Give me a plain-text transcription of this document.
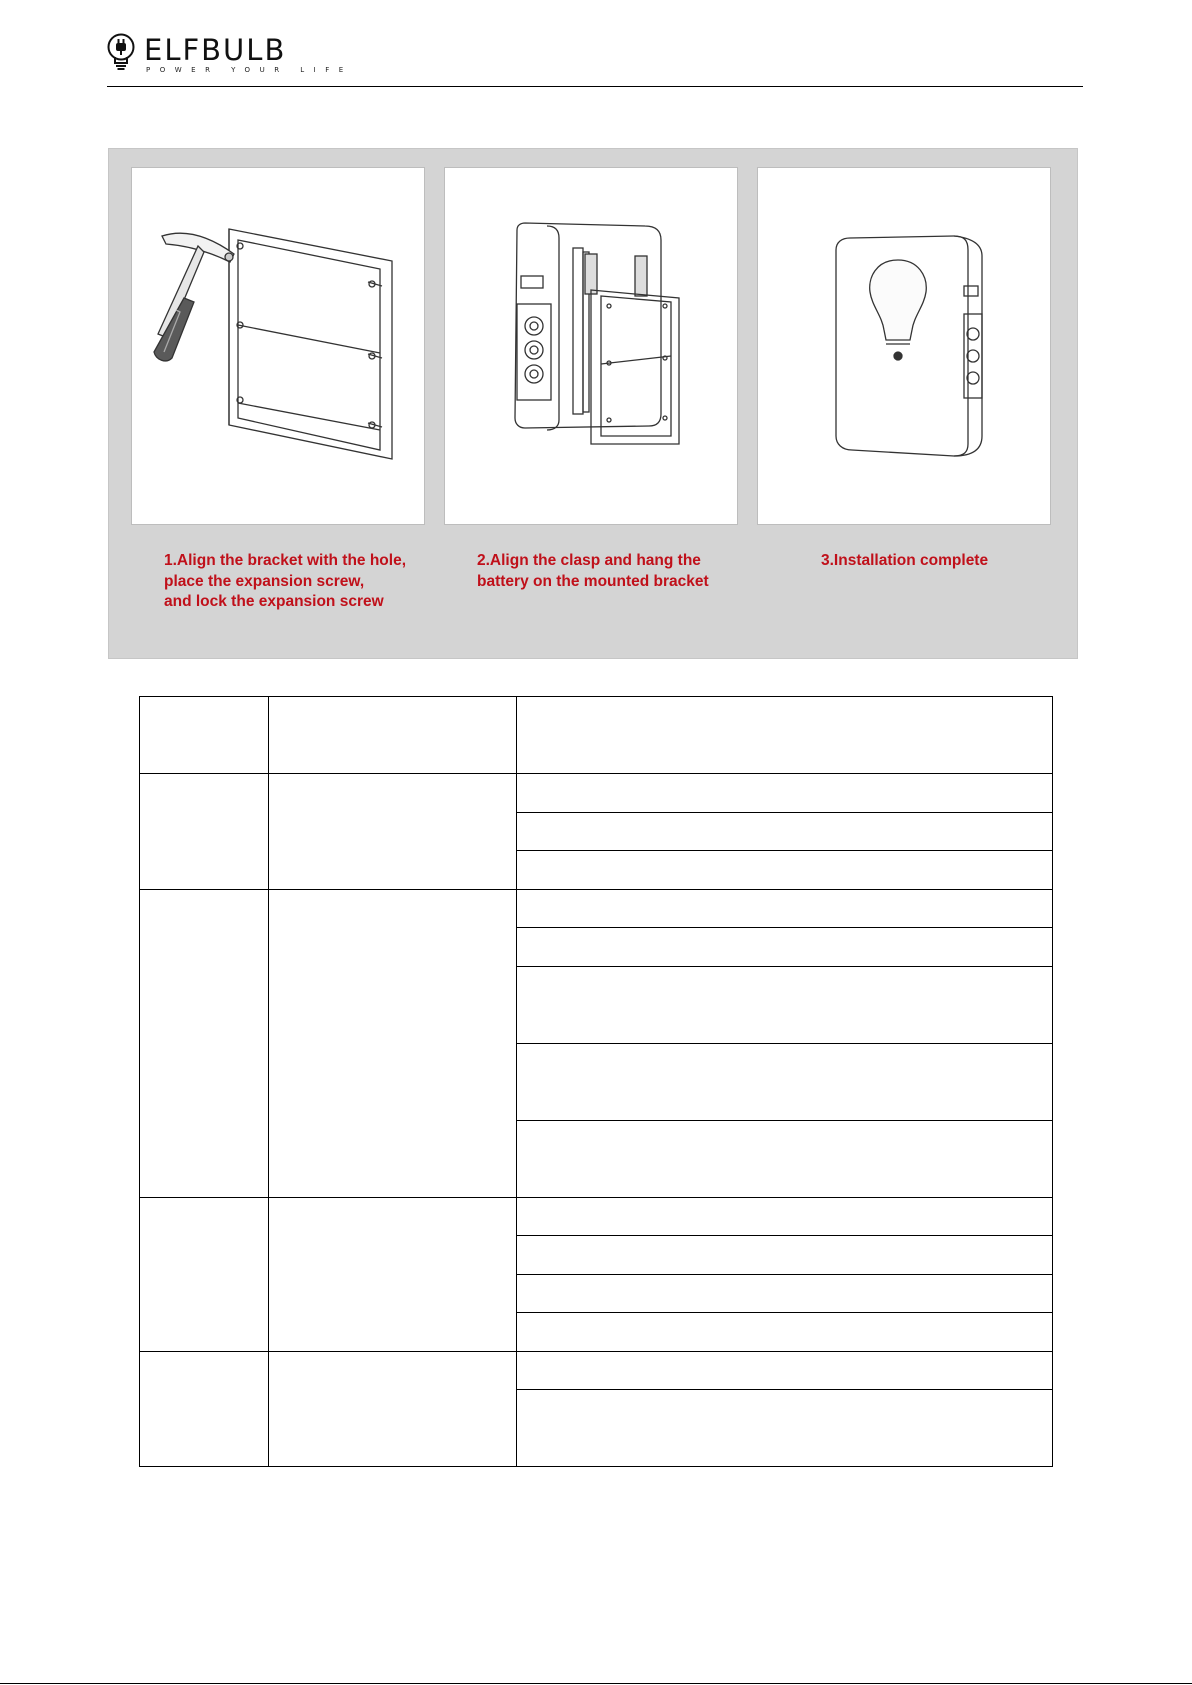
ELFBULB
POWER YOUR LIFE
1.Align the bracket with the hole,
place the expansion screw,
and lock the expansion screw
2.Align the clasp and hang the
battery on the mounted bracket
3.Installation complete
